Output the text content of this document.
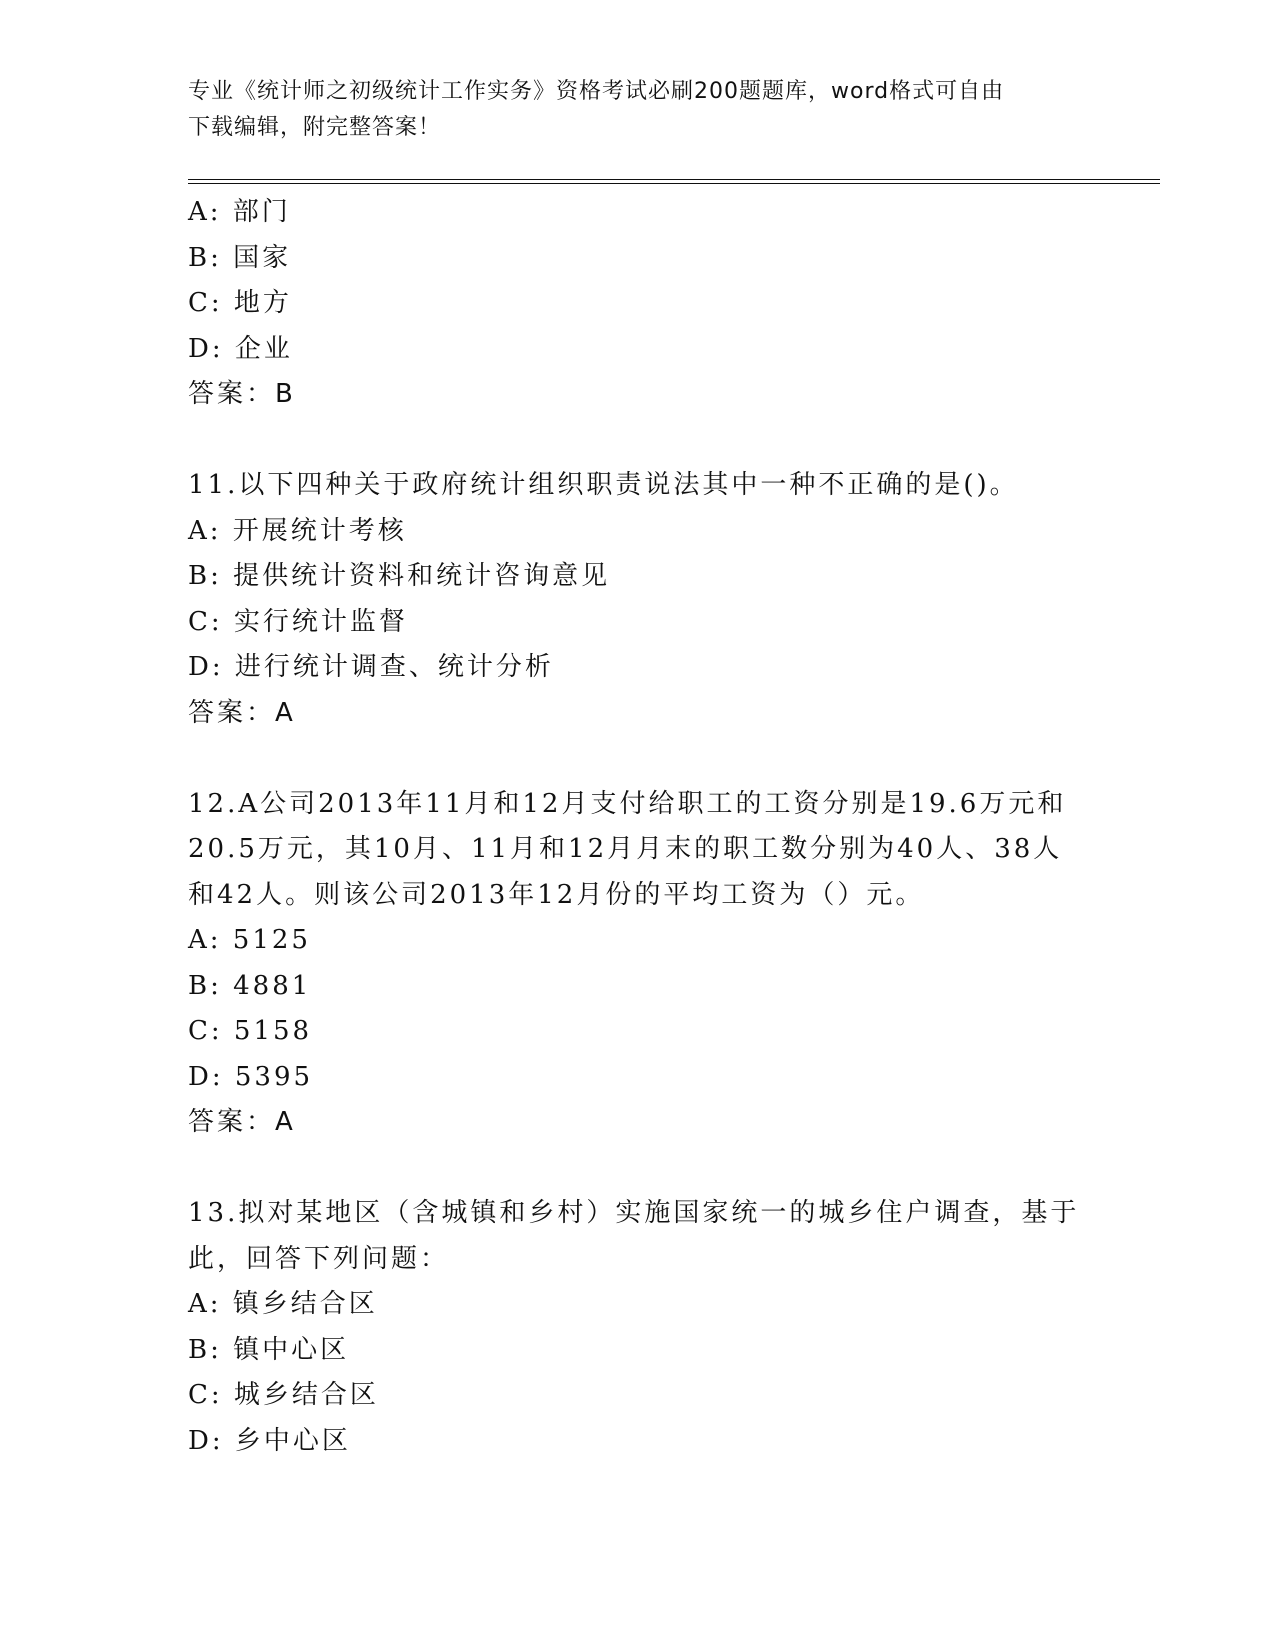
专业《统计师之初级统计工作实务》资格考试必刷200题题库，word格式可自由
下载编辑，附完整答案！
A: 部门
B: 国家
C: 地方
D: 企业
答案：B
11.以下四种关于政府统计组织职责说法其中一种不正确的是()。
A: 开展统计考核
B: 提供统计资料和统计咨询意见
C: 实行统计监督
D: 进行统计调查、统计分析
答案：A
12.A公司2013年11月和12月支付给职工的工资分别是19.6万元和
20.5万元，其10月、11月和12月月末的职工数分别为40人、38人
和42人。则该公司2013年12月份的平均工资为（）元。
A: 5125
B: 4881
C: 5158
D: 5395
答案：A
13.拟对某地区（含城镇和乡村）实施国家统一的城乡住户调查，基于
此，回答下列问题：
A: 镇乡结合区
B: 镇中心区
C: 城乡结合区
D: 乡中心区
